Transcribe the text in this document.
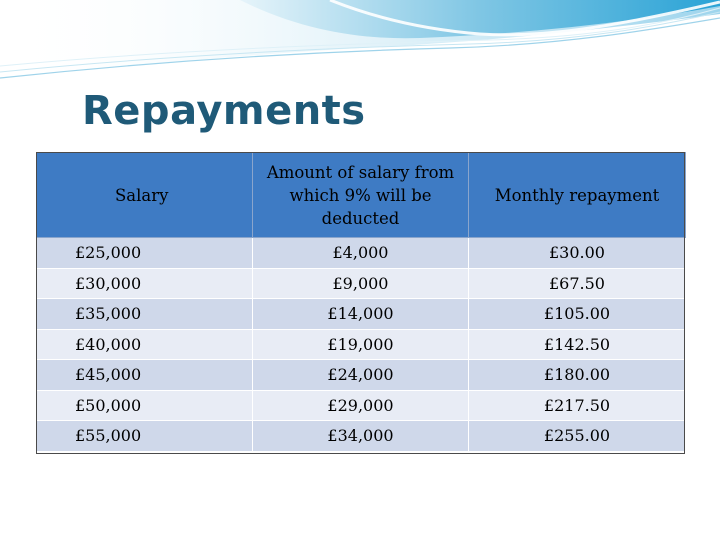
Repayments
Salary	Amount of salary from which 9% will be deducted	Monthly repayment
£25,000	£4,000	£30.00
£30,000	£9,000	£67.50
£35,000	£14,000	£105.00
£40,000	£19,000	£142.50
£45,000	£24,000	£180.00
£50,000	£29,000	£217.50
£55,000	£34,000	£255.00
